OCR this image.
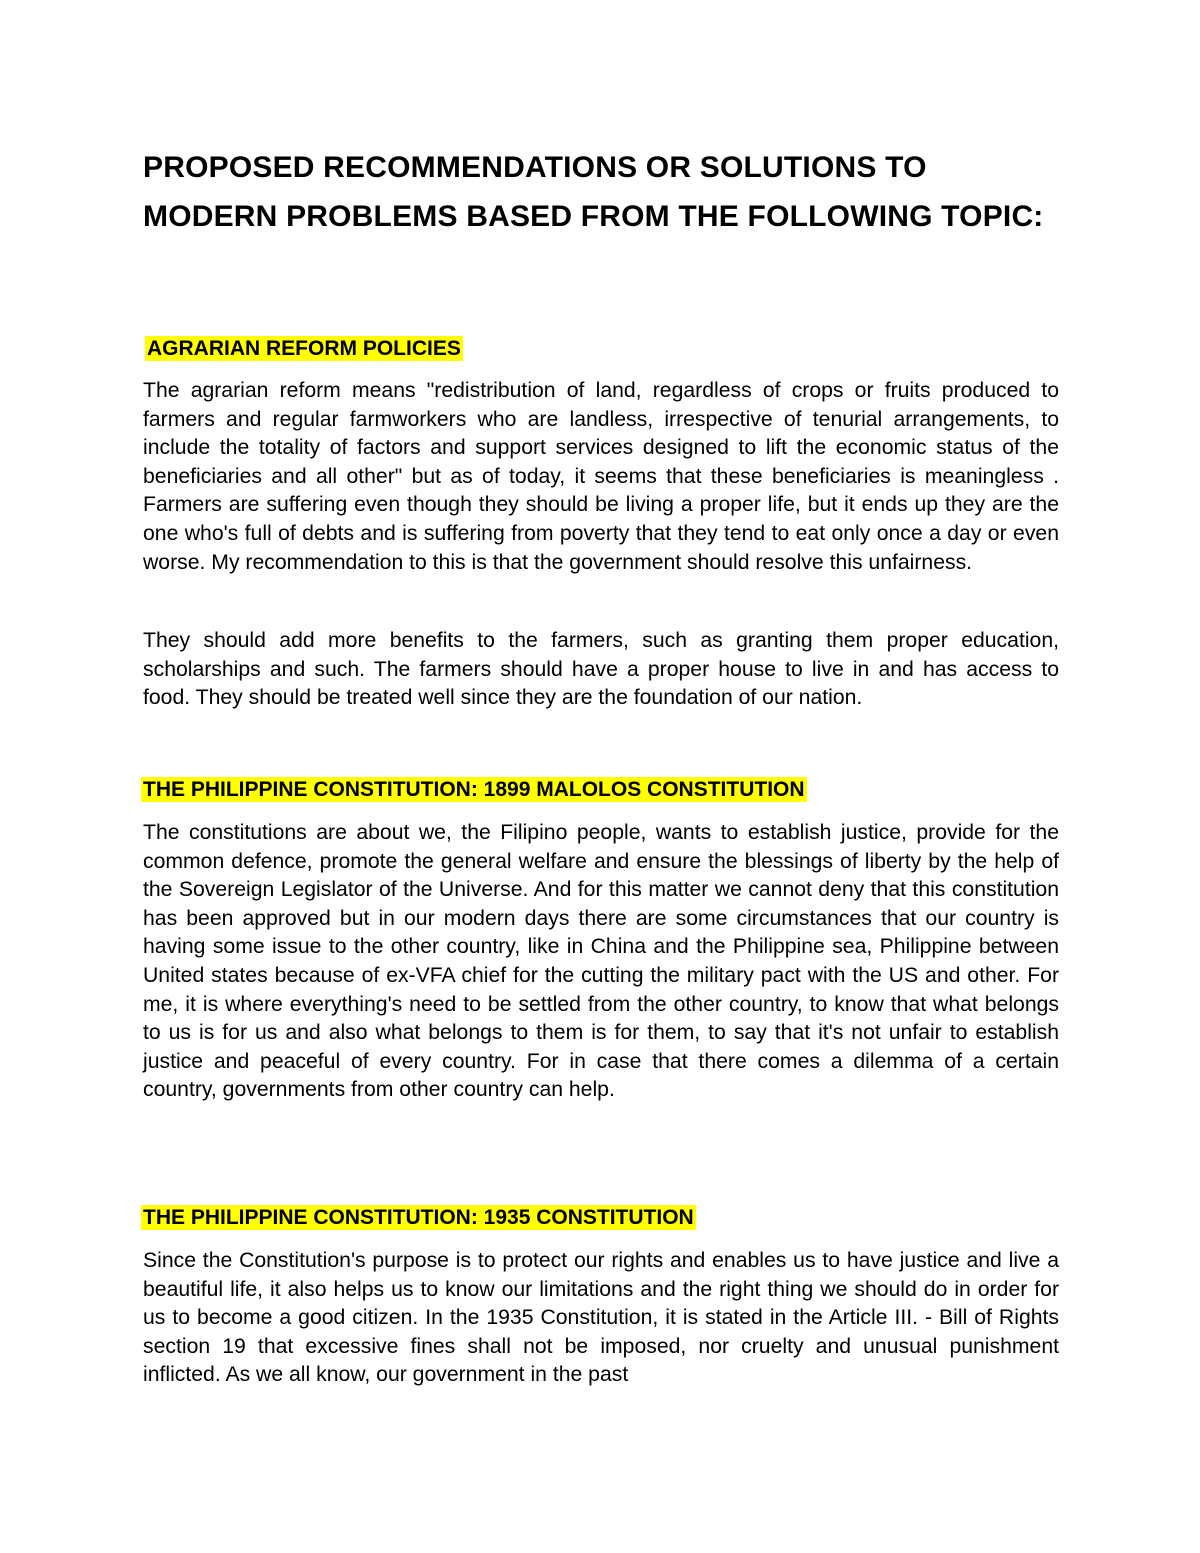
PROPOSED RECOMMENDATIONS OR SOLUTIONS TO MODERN PROBLEMS BASED FROM THE FOLLOWING TOPIC:
AGRARIAN REFORM POLICIES

The agrarian reform means "redistribution of land, regardless of crops or fruits produced to farmers and regular farmworkers who are landless, irrespective of tenurial arrangements, to include the totality of factors and support services designed to lift the economic status of the beneficiaries and all other" but as of today, it seems that these beneficiaries is meaningless . Farmers are suffering even though they should be living a proper life, but it ends up they are the one who's full of debts and is suffering from poverty that they tend to eat only once a day or even worse. My recommendation to this is that the government should resolve this unfairness.

They should add more benefits to the farmers, such as granting them proper education, scholarships and such. The farmers should have a proper house to live in and has access to food. They should be treated well since they are the foundation of our nation.

THE PHILIPPINE CONSTITUTION: 1899 MALOLOS CONSTITUTION

The constitutions are about we, the Filipino people, wants to establish justice, provide for the common defence, promote the general welfare and ensure the blessings of liberty by the help of the Sovereign Legislator of the Universe. And for this matter we cannot deny that this constitution has been approved but in our modern days there are some circumstances that our country is having some issue to the other country, like in China and the Philippine sea, Philippine between United states because of ex-VFA chief for the cutting the military pact with the US and other. For me, it is where everything's need to be settled from the other country, to know that what belongs to us is for us and also what belongs to them is for them, to say that it's not unfair to establish justice and peaceful of every country. For in case that there comes a dilemma of a certain country, governments from other country can help.

THE PHILIPPINE CONSTITUTION: 1935 CONSTITUTION

Since the Constitution's purpose is to protect our rights and enables us to have justice and live a beautiful life, it also helps us to know our limitations and the right thing we should do in order for us to become a good citizen. In the 1935 Constitution, it is stated in the Article III. - Bill of Rights section 19 that excessive fines shall not be imposed, nor cruelty and unusual punishment inflicted. As we all know, our government in the past
